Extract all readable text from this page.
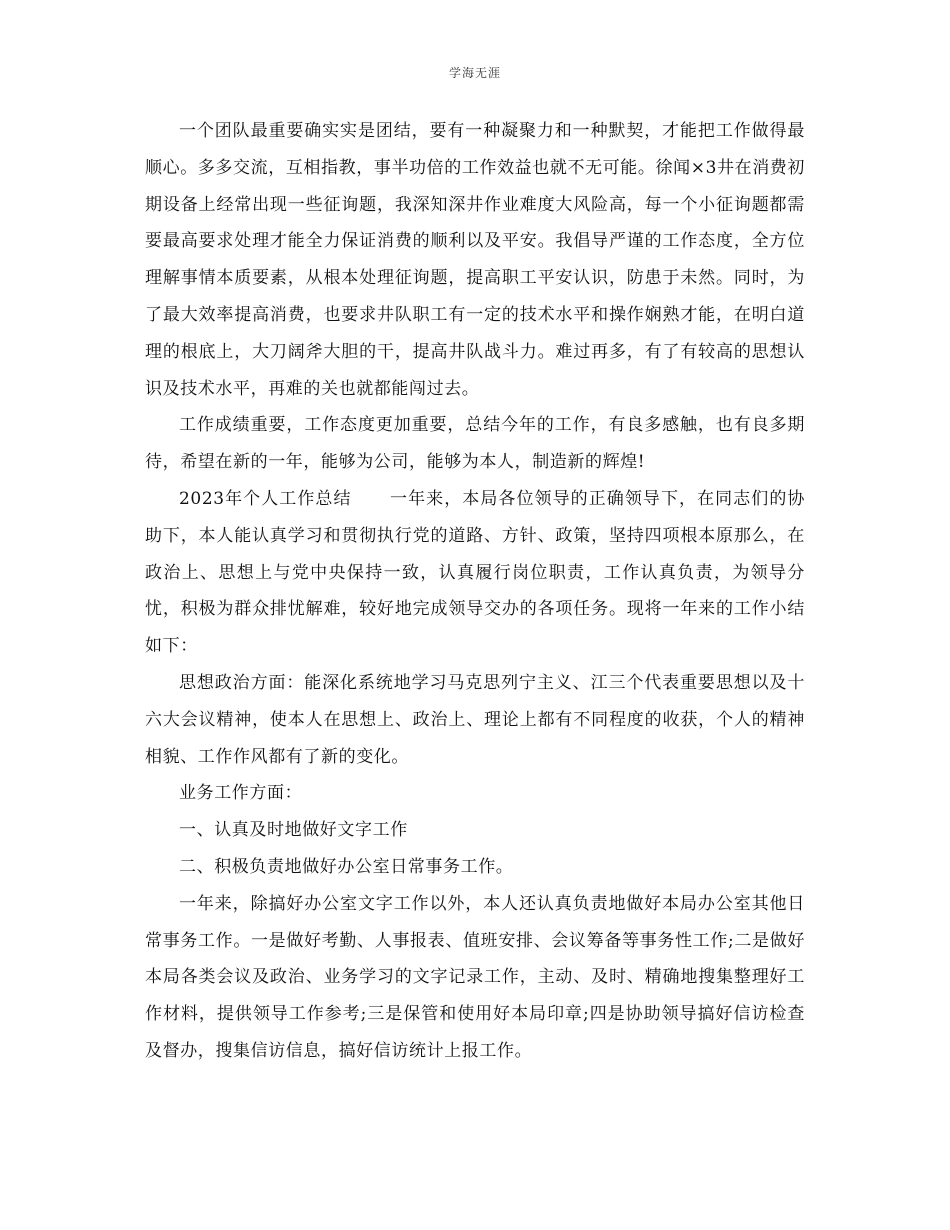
学海无涯

一个团队最重要确实实是团结，要有一种凝聚力和一种默契，才能把工作做得最顺心。多多交流，互相指教，事半功倍的工作效益也就不无可能。徐闻×3井在消费初期设备上经常出现一些征询题，我深知深井作业难度大风险高，每一个小征询题都需要最高要求处理才能全力保证消费的顺利以及平安。我倡导严谨的工作态度，全方位理解事情本质要素，从根本处理征询题，提高职工平安认识，防患于未然。同时，为了最大效率提高消费，也要求井队职工有一定的技术水平和操作娴熟才能，在明白道理的根底上，大刀阔斧大胆的干，提高井队战斗力。难过再多，有了有较高的思想认识及技术水平，再难的关也就都能闯过去。

工作成绩重要，工作态度更加重要，总结今年的工作，有良多感触，也有良多期待，希望在新的一年，能够为公司，能够为本人，制造新的辉煌!

2023年个人工作总结 一年来，本局各位领导的正确领导下，在同志们的协助下，本人能认真学习和贯彻执行党的道路、方针、政策，坚持四项根本原那么，在政治上、思想上与党中央保持一致，认真履行岗位职责，工作认真负责，为领导分忧，积极为群众排忧解难，较好地完成领导交办的各项任务。现将一年来的工作小结如下：

思想政治方面：能深化系统地学习马克思列宁主义、江三个代表重要思想以及十六大会议精神，使本人在思想上、政治上、理论上都有不同程度的收获，个人的精神相貌、工作作风都有了新的变化。

业务工作方面：

一、认真及时地做好文字工作

二、积极负责地做好办公室日常事务工作。

一年来，除搞好办公室文字工作以外，本人还认真负责地做好本局办公室其他日常事务工作。一是做好考勤、人事报表、值班安排、会议筹备等事务性工作;二是做好本局各类会议及政治、业务学习的文字记录工作，主动、及时、精确地搜集整理好工作材料，提供领导工作参考;三是保管和使用好本局印章;四是协助领导搞好信访检查及督办，搜集信访信息，搞好信访统计上报工作。
